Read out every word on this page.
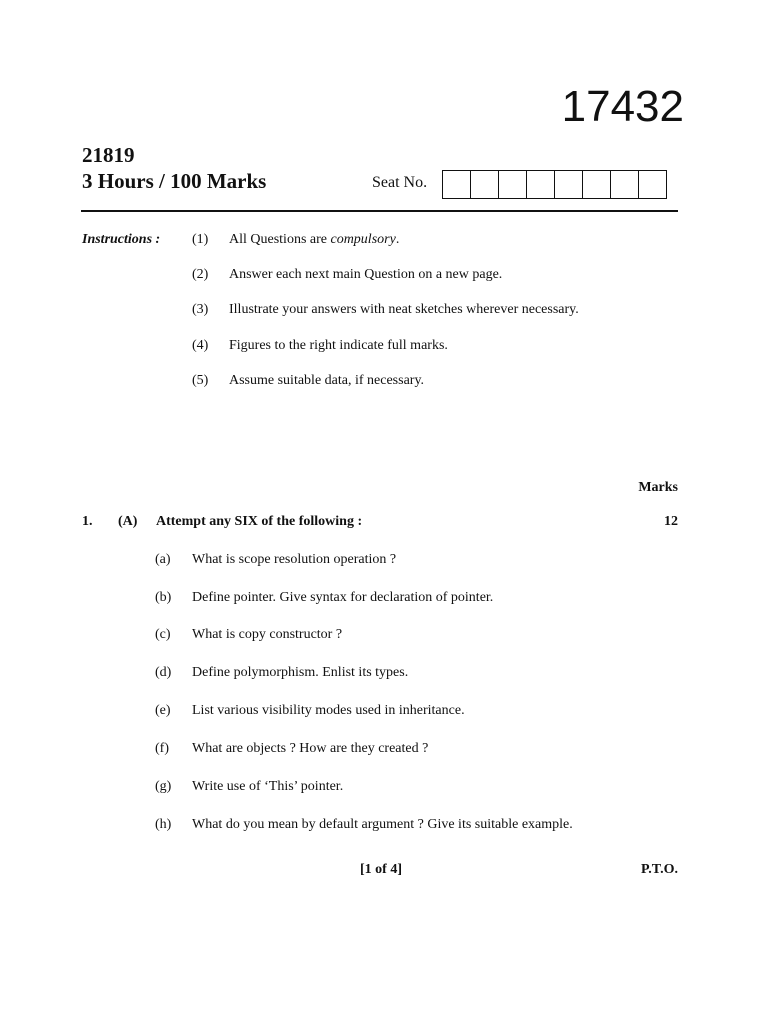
17432
21819
3 Hours / 100 Marks	Seat No.
Instructions : (1) All Questions are compulsory.
(2) Answer each next main Question on a new page.
(3) Illustrate your answers with neat sketches wherever necessary.
(4) Figures to the right indicate full marks.
(5) Assume suitable data, if necessary.
Marks
1. (A) Attempt any SIX of the following :	12
(a) What is scope resolution operation ?
(b) Define pointer. Give syntax for declaration of pointer.
(c) What is copy constructor ?
(d) Define polymorphism. Enlist its types.
(e) List various visibility modes used in inheritance.
(f) What are objects ? How are they created ?
(g) Write use of ‘This’ pointer.
(h) What do you mean by default argument ? Give its suitable example.
[1 of 4]	P.T.O.
